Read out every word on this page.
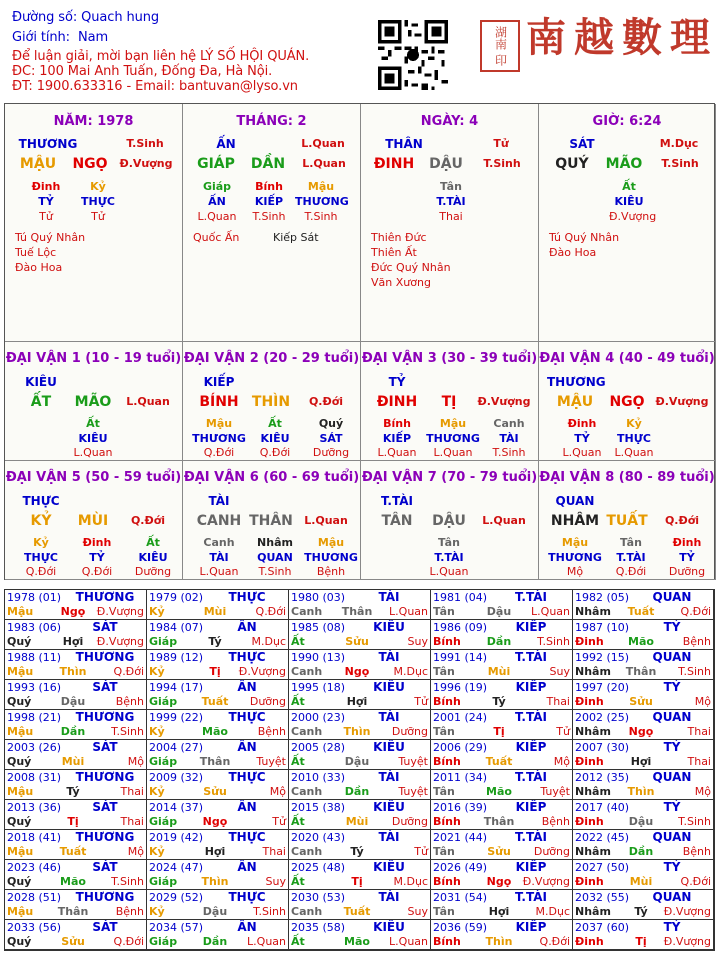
Đường số: Quach hung
Giới tính: Nam
Để luận giải, mời bạn liên hệ LÝ SỐ HỘI QUÁN.
ĐC: 100 Mai Anh Tuấn, Đống Đa, Hà Nội.
ĐT: 1900.633316 - Email: bantuvan@lyso.vn
湖南 印 南越數理
NĂM: 1978
THƯƠNG	T.Sinh
MẬU	NGỌ	Đ.Vượng
Đinh
TỶ
Tử
Kỷ
THỰC
Tử
Tú Quý Nhân
Tuế Lộc
Đào Hoa
THÁNG: 2
ẤN	L.Quan
GIÁP	DẦN	L.Quan
Giáp
ẤN
L.Quan
Bính
KIẾP
T.Sinh
Mậu
THƯƠNG
T.Sinh
Quốc Ấn	Kiếp Sát
NGÀY: 4
THÂN	Tử
ĐINH	DẬU	T.Sinh
Tân
T.TÀI
Thai
Thiên Đức
Thiên Ất
Đức Quý Nhân
Văn Xương
GIỜ: 6:24
SÁT	M.Dục
QUÝ	MÃO	T.Sinh
Ất
KIÊU
Đ.Vượng
Tú Quý Nhân
Đào Hoa
ĐẠI VẬN 1 (10 - 19 tuổi)
KIÊU
ẤT	MÃO	L.Quan
Ất
KIÊU
L.Quan
ĐẠI VẬN 2 (20 - 29 tuổi)
KIẾP
BÍNH THÌN	Q.Đới
Mậu
THƯƠNG
Q.Đới
Ất
KIÊU
Q.Đới
Quý
SÁT
Dưỡng
ĐẠI VẬN 3 (30 - 39 tuổi)
TỶ
ĐINH	TỊ	Đ.Vượng
Bính
KIẾP
L.Quan
Mậu
THƯƠNG
L.Quan
Canh
TÀI
T.Sinh
ĐẠI VẬN 4 (40 - 49 tuổi)
THƯƠNG
MẬU	NGỌ Đ.Vượng
Đinh
TỶ
L.Quan
Kỷ
THỰC
L.Quan
ĐẠI VẬN 5 (50 - 59 tuổi)
THỰC
KỶ	MÙI	Q.Đới
Kỷ
THỰC
Q.Đới
Đinh
TỶ
Q.Đới
Ất
KIÊU
Dưỡng
ĐẠI VẬN 6 (60 - 69 tuổi)
TÀI
CANH THÂN	L.Quan
Canh
TÀI
L.Quan
Nhâm
QUAN
T.Sinh
Mậu
THƯƠNG
Bệnh
ĐẠI VẬN 7 (70 - 79 tuổi)
T.TÀI
TÂN	DẬU	L.Quan
Tân
T.TÀI
L.Quan
ĐẠI VẬN 8 (80 - 89 tuổi)
QUAN
NHÂM TUẤT	Q.Đới
Mậu
THƯƠNG
Mộ
Tân
T.TÀI
Q.Đới
Đinh
TỶ
Dưỡng
1978 (01)	THƯƠNG
Mậu	Ngọ	Đ.Vượng
1979 (02)	THỰC
Kỷ	Mùi	Q.Đới
1980 (03)	TÀI
Canh	Thân	L.Quan
1981 (04)	T.TÀI
Tân	Dậu	L.Quan
1982 (05)	QUAN
Nhâm	Tuất	Q.Đới
1983 (06)	SÁT
Quý	Hợi	Đ.Vượng
1984 (07)	ẤN
Giáp	Tý	M.Dục
1985 (08)	KIÊU
Ất	Sửu	Suy
1986 (09)	KIẾP
Bính	Dần	T.Sinh
1987 (10)	TỶ
Đinh	Mão	Bệnh
1988 (11)	THƯƠNG
Mậu	Thìn	Q.Đới
1989 (12)	THỰC
Kỷ	Tị	Đ.Vượng
1990 (13)	TÀI
Canh	Ngọ	M.Dục
1991 (14)	T.TÀI
Tân	Mùi	Suy
1992 (15)	QUAN
Nhâm	Thân	T.Sinh
1993 (16)	SÁT
Quý	Dậu	Bệnh
1994 (17)	ẤN
Giáp	Tuất	Dưỡng
1995 (18)	KIÊU
Ất	Hợi	Tử
1996 (19)	KIẾP
Bính	Tý	Thai
1997 (20)	TỶ
Đinh	Sửu	Mộ
1998 (21)	THƯƠNG
Mậu	Dần	T.Sinh
1999 (22)	THỰC
Kỷ	Mão	Bệnh
2000 (23)	TÀI
Canh	Thìn	Dưỡng
2001 (24)	T.TÀI
Tân	Tị	Tử
2002 (25)	QUAN
Nhâm	Ngọ	Thai
2003 (26)	SÁT
Quý	Mùi	Mộ
2004 (27)	ẤN
Giáp	Thân	Tuyệt
2005 (28)	KIÊU
Ất	Dậu	Tuyệt
2006 (29)	KIẾP
Bính	Tuất	Mộ
2007 (30)	TỶ
Đinh	Hợi	Thai
2008 (31)	THƯƠNG
Mậu	Tý	Thai
2009 (32)	THỰC
Kỷ	Sửu	Mộ
2010 (33)	TÀI
Canh	Dần	Tuyệt
2011 (34)	T.TÀI
Tân	Mão	Tuyệt
2012 (35)	QUAN
Nhâm	Thìn	Mộ
2013 (36)	SÁT
Quý	Tị	Thai
2014 (37)	ẤN
Giáp	Ngọ	Tử
2015 (38)	KIÊU
Ất	Mùi	Dưỡng
2016 (39)	KIẾP
Bính	Thân	Bệnh
2017 (40)	TỶ
Đinh	Dậu	T.Sinh
2018 (41)	THƯƠNG
Mậu	Tuất	Mộ
2019 (42)	THỰC
Kỷ	Hợi	Thai
2020 (43)	TÀI
Canh	Tý	Tử
2021 (44)	T.TÀI
Tân	Sửu	Dưỡng
2022 (45)	QUAN
Nhâm	Dần	Bệnh
2023 (46)	SÁT
Quý	Mão	T.Sinh
2024 (47)	ẤN
Giáp	Thìn	Suy
2025 (48)	KIÊU
Ất	Tị	M.Dục
2026 (49)	KIẾP
Bính	Ngọ	Đ.Vượng
2027 (50)	TỶ
Đinh	Mùi	Q.Đới
2028 (51)	THƯƠNG
Mậu	Thân	Bệnh
2029 (52)	THỰC
Kỷ	Dậu	T.Sinh
2030 (53)	TÀI
Canh	Tuất	Suy
2031 (54)	T.TÀI
Tân	Hợi	M.Dục
2032 (55)	QUAN
Nhâm	Tý	Đ.Vượng
2033 (56)	SÁT
Quý	Sửu	Q.Đới
2034 (57)	ẤN
Giáp	Dần	L.Quan
2035 (58)	KIÊU
Ất	Mão	L.Quan
2036 (59)	KIẾP
Bính	Thìn	Q.Đới
2037 (60)	TỶ
Đinh	Tị	Đ.Vượng
